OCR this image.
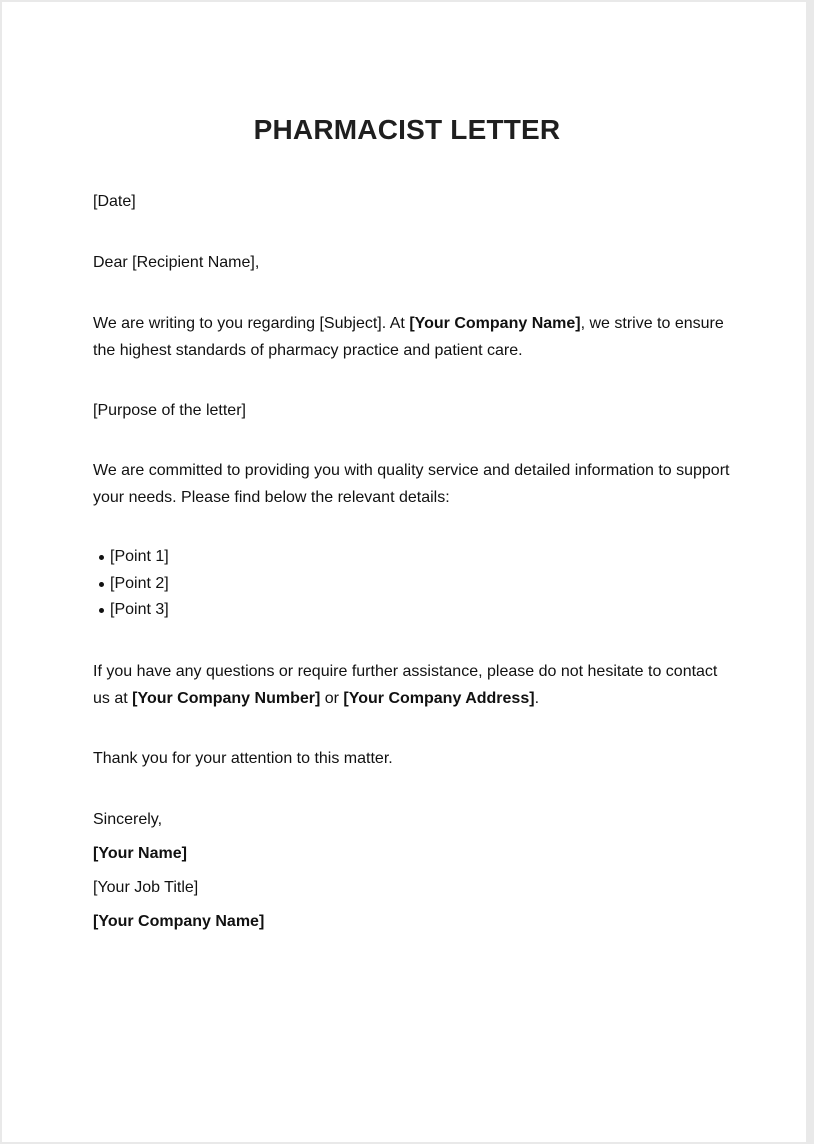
PHARMACIST LETTER

[Date]

Dear [Recipient Name],

We are writing to you regarding [Subject]. At [Your Company Name], we strive to ensure the highest standards of pharmacy practice and patient care.

[Purpose of the letter]

We are committed to providing you with quality service and detailed information to support your needs. Please find below the relevant details:

[Point 1]
[Point 2]
[Point 3]

If you have any questions or require further assistance, please do not hesitate to contact us at [Your Company Number] or [Your Company Address].

Thank you for your attention to this matter.

Sincerely,

[Your Name]

[Your Job Title]

[Your Company Name]
